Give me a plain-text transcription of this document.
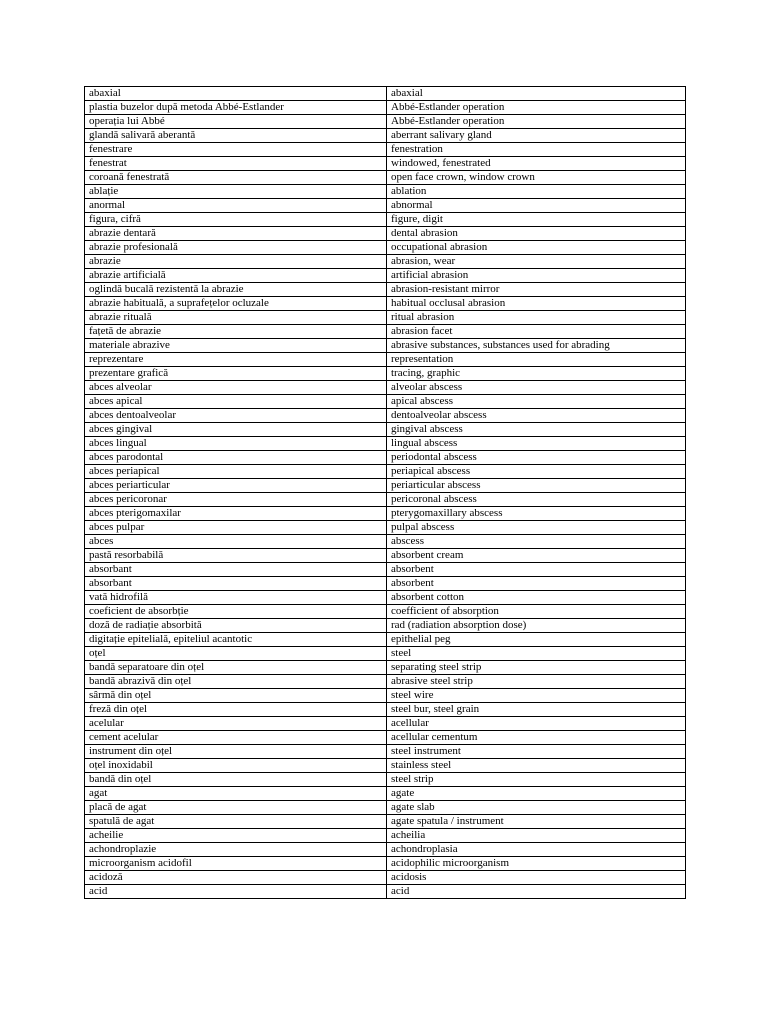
abaxial	abaxial
plastia buzelor după metoda Abbé-Estlander	Abbé-Estlander operation
operația lui Abbé	Abbé-Estlander operation
glandă salivară aberantă	aberrant salivary gland
fenestrare	fenestration
fenestrat	windowed, fenestrated
coroană fenestrată	open face crown, window crown
ablație	ablation
anormal	abnormal
figura, cifră	figure, digit
abrazie dentară	dental abrasion
abrazie profesională	occupational abrasion
abrazie	abrasion, wear
abrazie artificială	artificial abrasion
oglindă bucală rezistentă la abrazie	abrasion-resistant mirror
abrazie habituală, a suprafețelor ocluzale	habitual occlusal abrasion
abrazie rituală	ritual abrasion
fațetă de abrazie	abrasion facet
materiale abrazive	abrasive substances, substances used for abrading
reprezentare	representation
prezentare grafică	tracing, graphic
abces alveolar	alveolar abscess
abces apical	apical abscess
abces dentoalveolar	dentoalveolar abscess
abces gingival	gingival abscess
abces lingual	lingual abscess
abces parodontal	periodontal abscess
abces periapical	periapical abscess
abces periarticular	periarticular abscess
abces pericoronar	pericoronal abscess
abces pterigomaxilar	pterygomaxillary abscess
abces pulpar	pulpal abscess
abces	abscess
pastă resorbabilă	absorbent cream
absorbant	absorbent
absorbant	absorbent
vată hidrofilă	absorbent cotton
coeficient de absorbție	coefficient of absorption
doză de radiație absorbită	rad (radiation absorption dose)
digitație epitelială, epiteliul acantotic	epithelial peg
oțel	steel
bandă separatoare din oțel	separating steel strip
bandă abrazivă din oțel	abrasive steel strip
sârmă din oțel	steel wire
freză din oțel	steel bur, steel grain
acelular	acellular
cement acelular	acellular cementum
instrument din oțel	steel instrument
oțel inoxidabil	stainless steel
bandă din oțel	steel strip
agat	agate
placă de agat	agate slab
spatulă de agat	agate spatula / instrument
acheilie	acheilia
achondroplazie	achondroplasia
microorganism acidofil	acidophilic microorganism
acidoză	acidosis
acid	acid
